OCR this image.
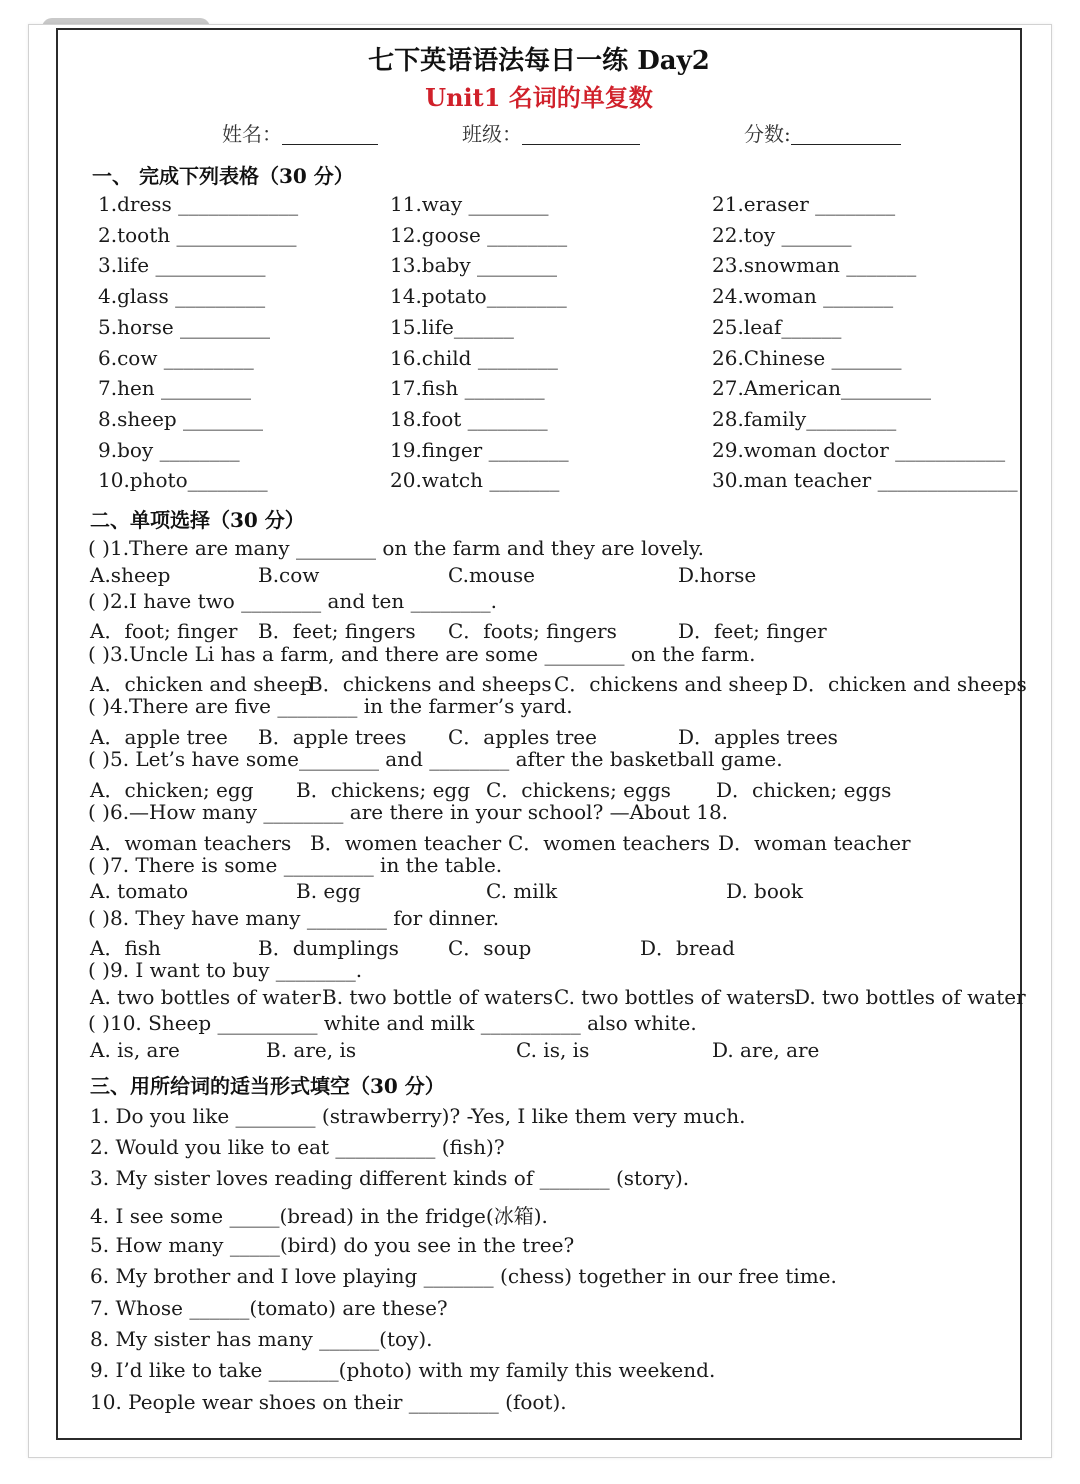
七下英语语法每日一练 Day2
Unit1 名词的单复数
姓名：	班级：	分数:
一、 完成下列表格（30 分）
1.dress ____________
2.tooth ____________
3.life ___________
4.glass _________
5.horse _________
6.cow _________
7.hen _________
8.sheep ________
9.boy ________
10.photo________
11.way ________
12.goose ________
13.baby ________
14.potato________
15.life______
16.child ________
17.fish ________
18.foot ________
19.finger ________
20.watch _______
21.eraser ________
22.toy _______
23.snowman _______
24.woman _______
25.leaf______
26.Chinese _______
27.American_________
28.family_________
29.woman doctor ___________
30.man teacher ______________
二、单项选择（30 分）
( )1.There are many ________ on the farm and they are lovely.
A.sheep	B.cow	C.mouse	D.horse
( )2.I have two ________ and ten ________.
A．foot; finger B．feet; fingers C．foots; fingers	D．feet; finger
( )3.Uncle Li has a farm, and there are some ________ on the farm.
A．chicken and sheep
B．chickens and sheeps C．chickens and sheep D．chicken and sheeps
( )4.There are five ________ in the farmer’s yard.
A．apple tree B．apple trees C．apples tree	D．apples trees
( )5. Let’s have some________ and ________ after the basketball game.
A．chicken; egg B．chickens; egg C．chickens; eggs D．chicken; eggs
( )6.—How many ________ are there in your school? —About 18.
A．woman teachers B．women teacher C．women teachers D．woman teacher
( )7. There is some _________ in the table.
A. tomato	B. egg	C. milk	D. book
( )8. They have many ________ for dinner.
A．fish	B．dumplings C．soup	D．bread
( )9. I want to buy ________.
A. two bottles of water B. two bottle of waters C. two bottles of waters
D. two bottles of water
( )10. Sheep __________ white and milk __________ also white.
A. is, are	B. are, is	C. is, is	D. are, are
三、用所给词的适当形式填空（30 分）
1. Do you like ________ (strawberry)? -Yes, I like them very much.
2. Would you like to eat __________ (fish)?
3. My sister loves reading different kinds of _______ (story).
4. I see some _____(bread) in the fridge(冰箱).
5. How many _____(bird) do you see in the tree?
6. My brother and I love playing _______ (chess) together in our free time.
7. Whose ______(tomato) are these?
8. My sister has many ______(toy).
9. I’d like to take _______(photo) with my family this weekend.
10. People wear shoes on their _________ (foot).
